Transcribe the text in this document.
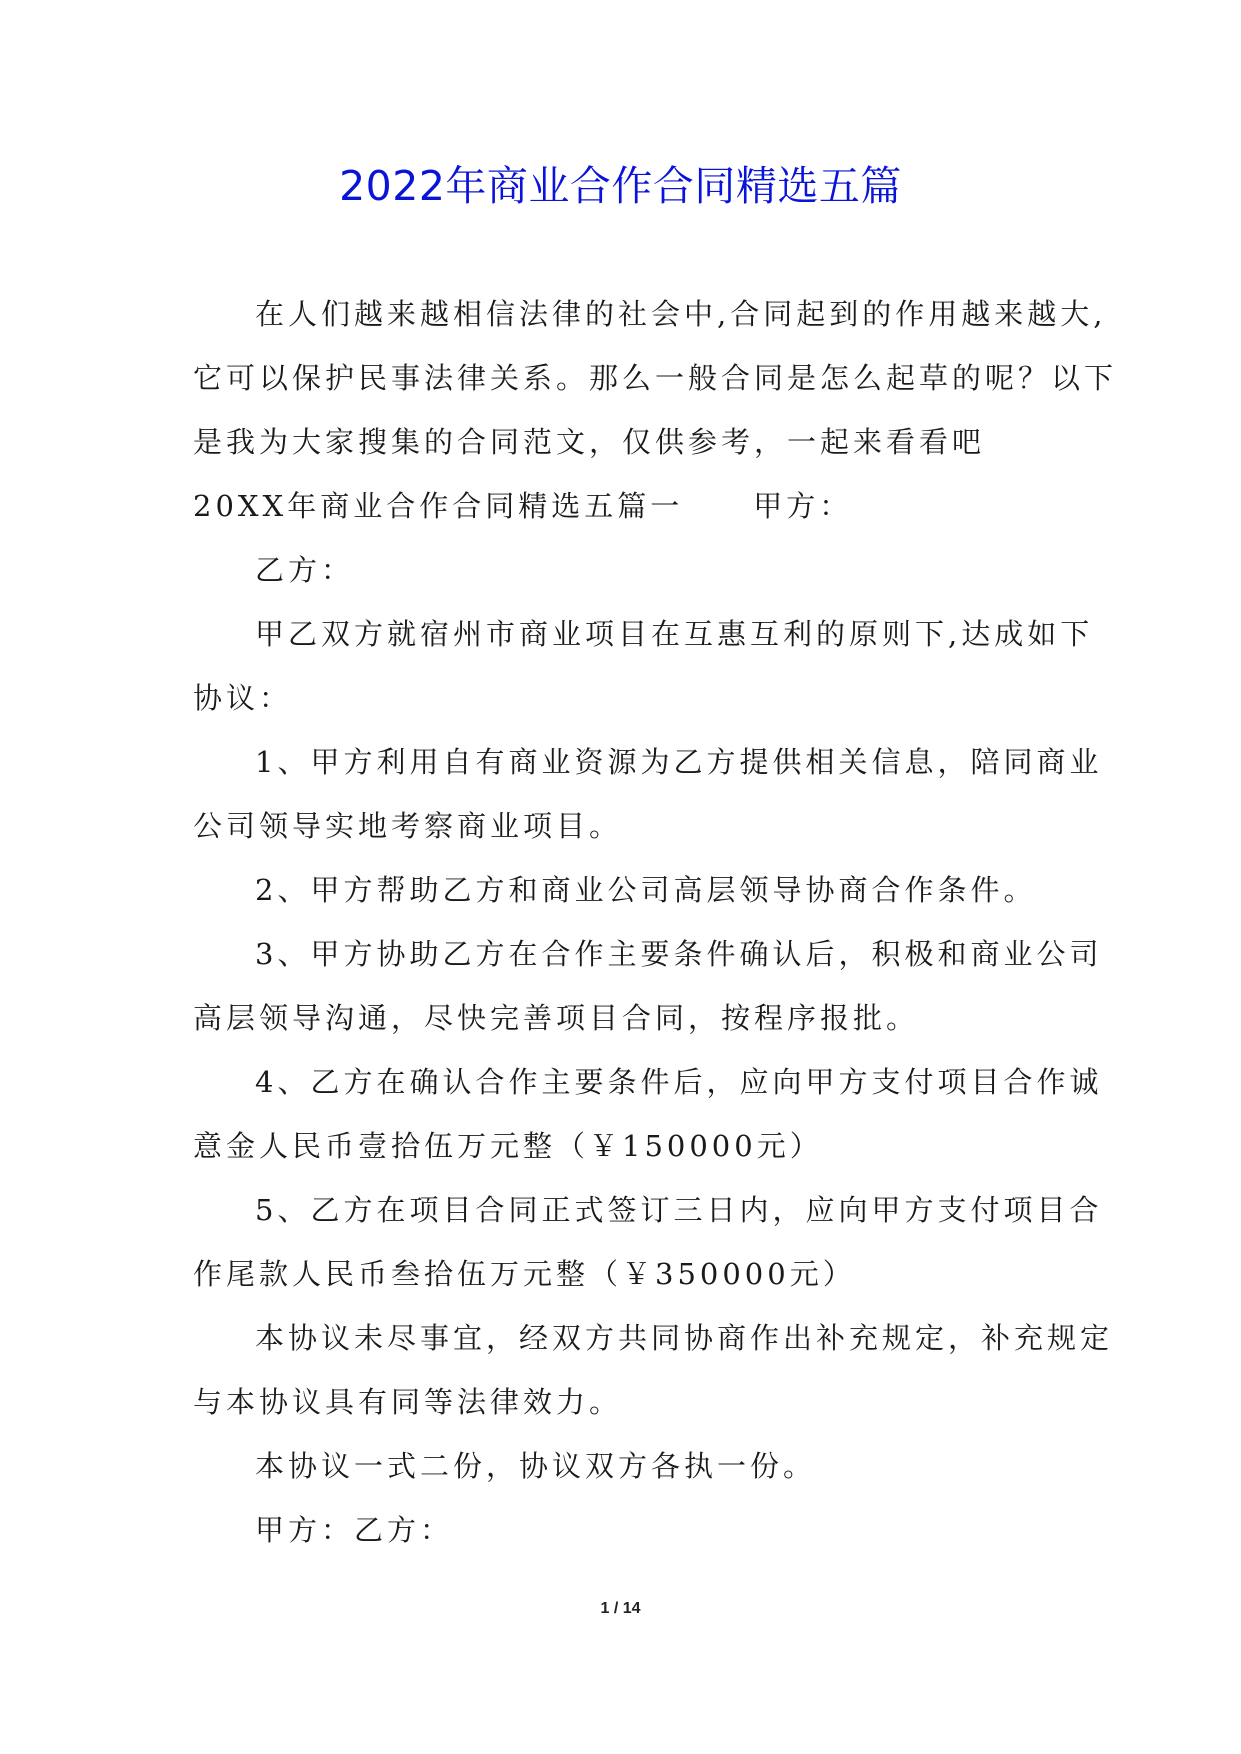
2022年商业合作合同精选五篇

在人们越来越相信法律的社会中,合同起到的作用越来越大,

它可以保护民事法律关系。那么一般合同是怎么起草的呢？以下

是我为大家搜集的合同范文，仅供参考，一起来看看吧

20XX年商业合作合同精选五篇一 甲方：

乙方：

甲乙双方就宿州市商业项目在互惠互利的原则下,达成如下

协议：

1、甲方利用自有商业资源为乙方提供相关信息，陪同商业

公司领导实地考察商业项目。

2、甲方帮助乙方和商业公司高层领导协商合作条件。

3、甲方协助乙方在合作主要条件确认后，积极和商业公司

高层领导沟通，尽快完善项目合同，按程序报批。

4、乙方在确认合作主要条件后，应向甲方支付项目合作诚

意金人民币壹拾伍万元整（￥150000元）

5、乙方在项目合同正式签订三日内，应向甲方支付项目合

作尾款人民币叁拾伍万元整（￥350000元）

本协议未尽事宜，经双方共同协商作出补充规定，补充规定

与本协议具有同等法律效力。

本协议一式二份，协议双方各执一份。

甲方：乙方：

1 / 14
